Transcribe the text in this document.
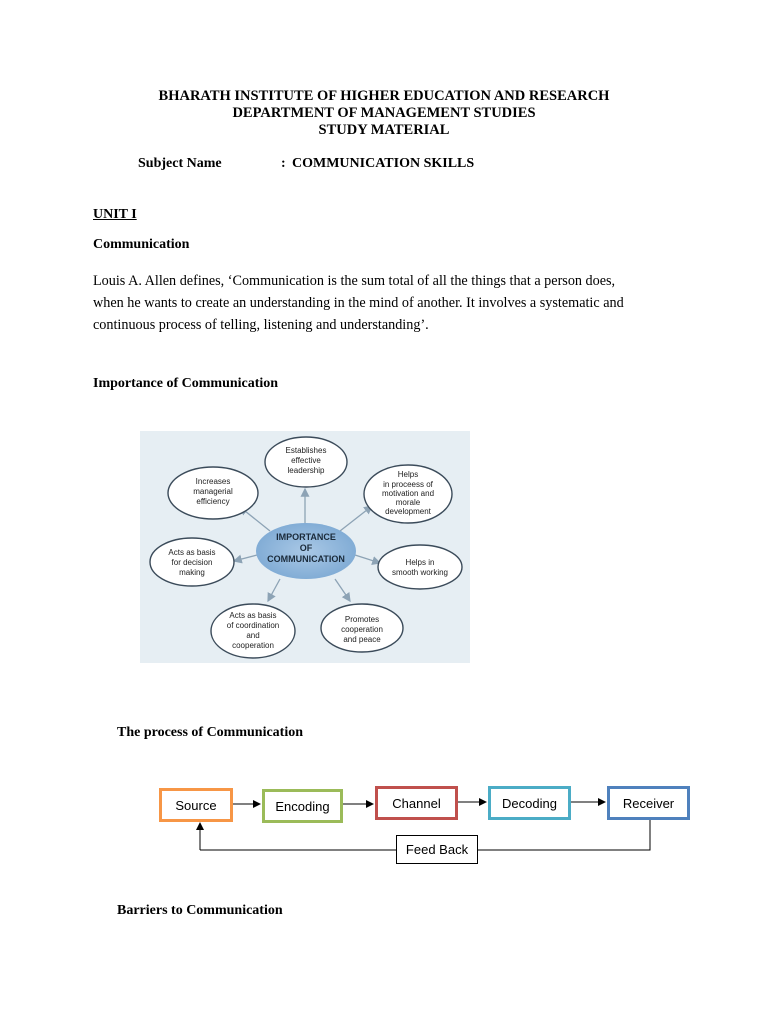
BHARATH INSTITUTE OF HIGHER EDUCATION AND RESEARCH
DEPARTMENT OF MANAGEMENT STUDIES
STUDY MATERIAL
Subject Name	: COMMUNICATION SKILLS
UNIT I
Communication
Louis A. Allen defines, ‘Communication is the sum total of all the things that a person does,
when he wants to create an understanding in the mind of another. It involves a systematic and
continuous process of telling, listening and understanding’.
Importance of Communication
IMPORTANCE
OF
COMMUNICATION
Establishes
effective
leadership	Helps
in proceess of
motivation and
morale
development
Helps in
smooth working
Promotes
cooperation
and peace
Acts as basis
of coordination
and
cooperation
Acts as basis
for decision
making
Increases
managerial
efficiency
The process of Communication
Source	Encoding	Channel	Decoding	Receiver
Feed Back
Barriers to Communication
